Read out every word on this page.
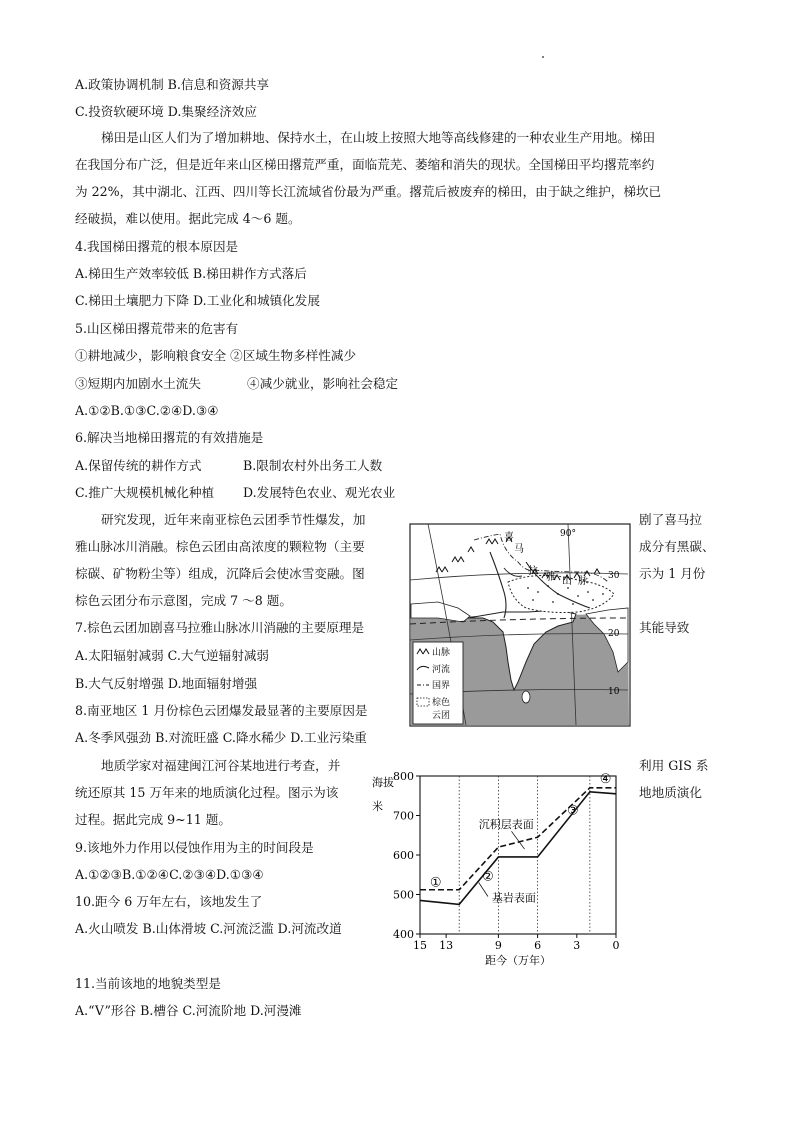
A.政策协调机制 B.信息和资源共享
C.投资软硬环境 D.集聚经济效应
梯田是山区人们为了增加耕地、保持水土，在山坡上按照大地等高线修建的一种农业生产用地。梯田
在我国分布广泛，但是近年来山区梯田撂荒严重，面临荒芜、萎缩和消失的现状。全国梯田平均撂荒率约
为 22%，其中湖北、江西、四川等长江流域省份最为严重。撂荒后被废弃的梯田，由于缺之维护，梯坎已
经破损，难以使用。据此完成 4～6 题。
4.我国梯田撂荒的根本原因是
A.梯田生产效率较低 B.梯田耕作方式落后
C.梯田土壤肥力下降 D.工业化和城镇化发展
5.山区梯田撂荒带来的危害有
①耕地减少，影响粮食安全 ②区域生物多样性减少
③短期内加剧水土流失	④减少就业，影响社会稳定
A.①②B.①③C.②④D.③④
6.解决当地梯田撂荒的有效措施是
A.保留传统的耕作方式	B.限制农村外出务工人数
C.推广大规模机械化种植 D.发展特色农业、观光农业
研究发现，近年来南亚棕色云团季节性爆发，加
雅山脉冰川消融。棕色云团由高浓度的颗粒物（主要
棕碳、矿物粉尘等）组成，沉降后会使冰雪变融。图
棕色云团分布示意图，完成 7 ～8 题。
剧了喜马拉
成分有黑碳、
示为 1 月份
7.棕色云团加剧喜马拉雅山脉冰川消融的主要原理是	其能导致
A.太阳辐射减弱 C.大气逆辐射减弱
B.大气反射增强 D.地面辐射增强
8.南亚地区 1 月份棕色云团爆发最显著的主要原因是
A.冬季风强劲 B.对流旺盛 C.降水稀少 D.工业污染重
地质学家对福建闽江河谷某地进行考查，并
统还原其 15 万年来的地质演化过程。图示为该
过程。据此完成 9~11 题。
利用 GIS 系
地地质演化
9.该地外力作用以侵蚀作用为主的时间段是
A.①②③B.①②④C.②③④D.①③④
10.距今 6 万年左右，该地发生了
A.火山喷发 B.山体滑坡 C.河流泛滥 D.河流改道
11.当前该地的地貌类型是
A.“V”形谷 B.槽谷 C.河流阶地 D.河漫滩
90°
30
20
10
喜
马
拉
雅 山 脉
山脉
河流
国界
棕色
云团
800
700
600
500
400
15 13	9	6	3	0
海拔
米
距今（万年）
①	②
③
④
沉积层表面
基岩表面
